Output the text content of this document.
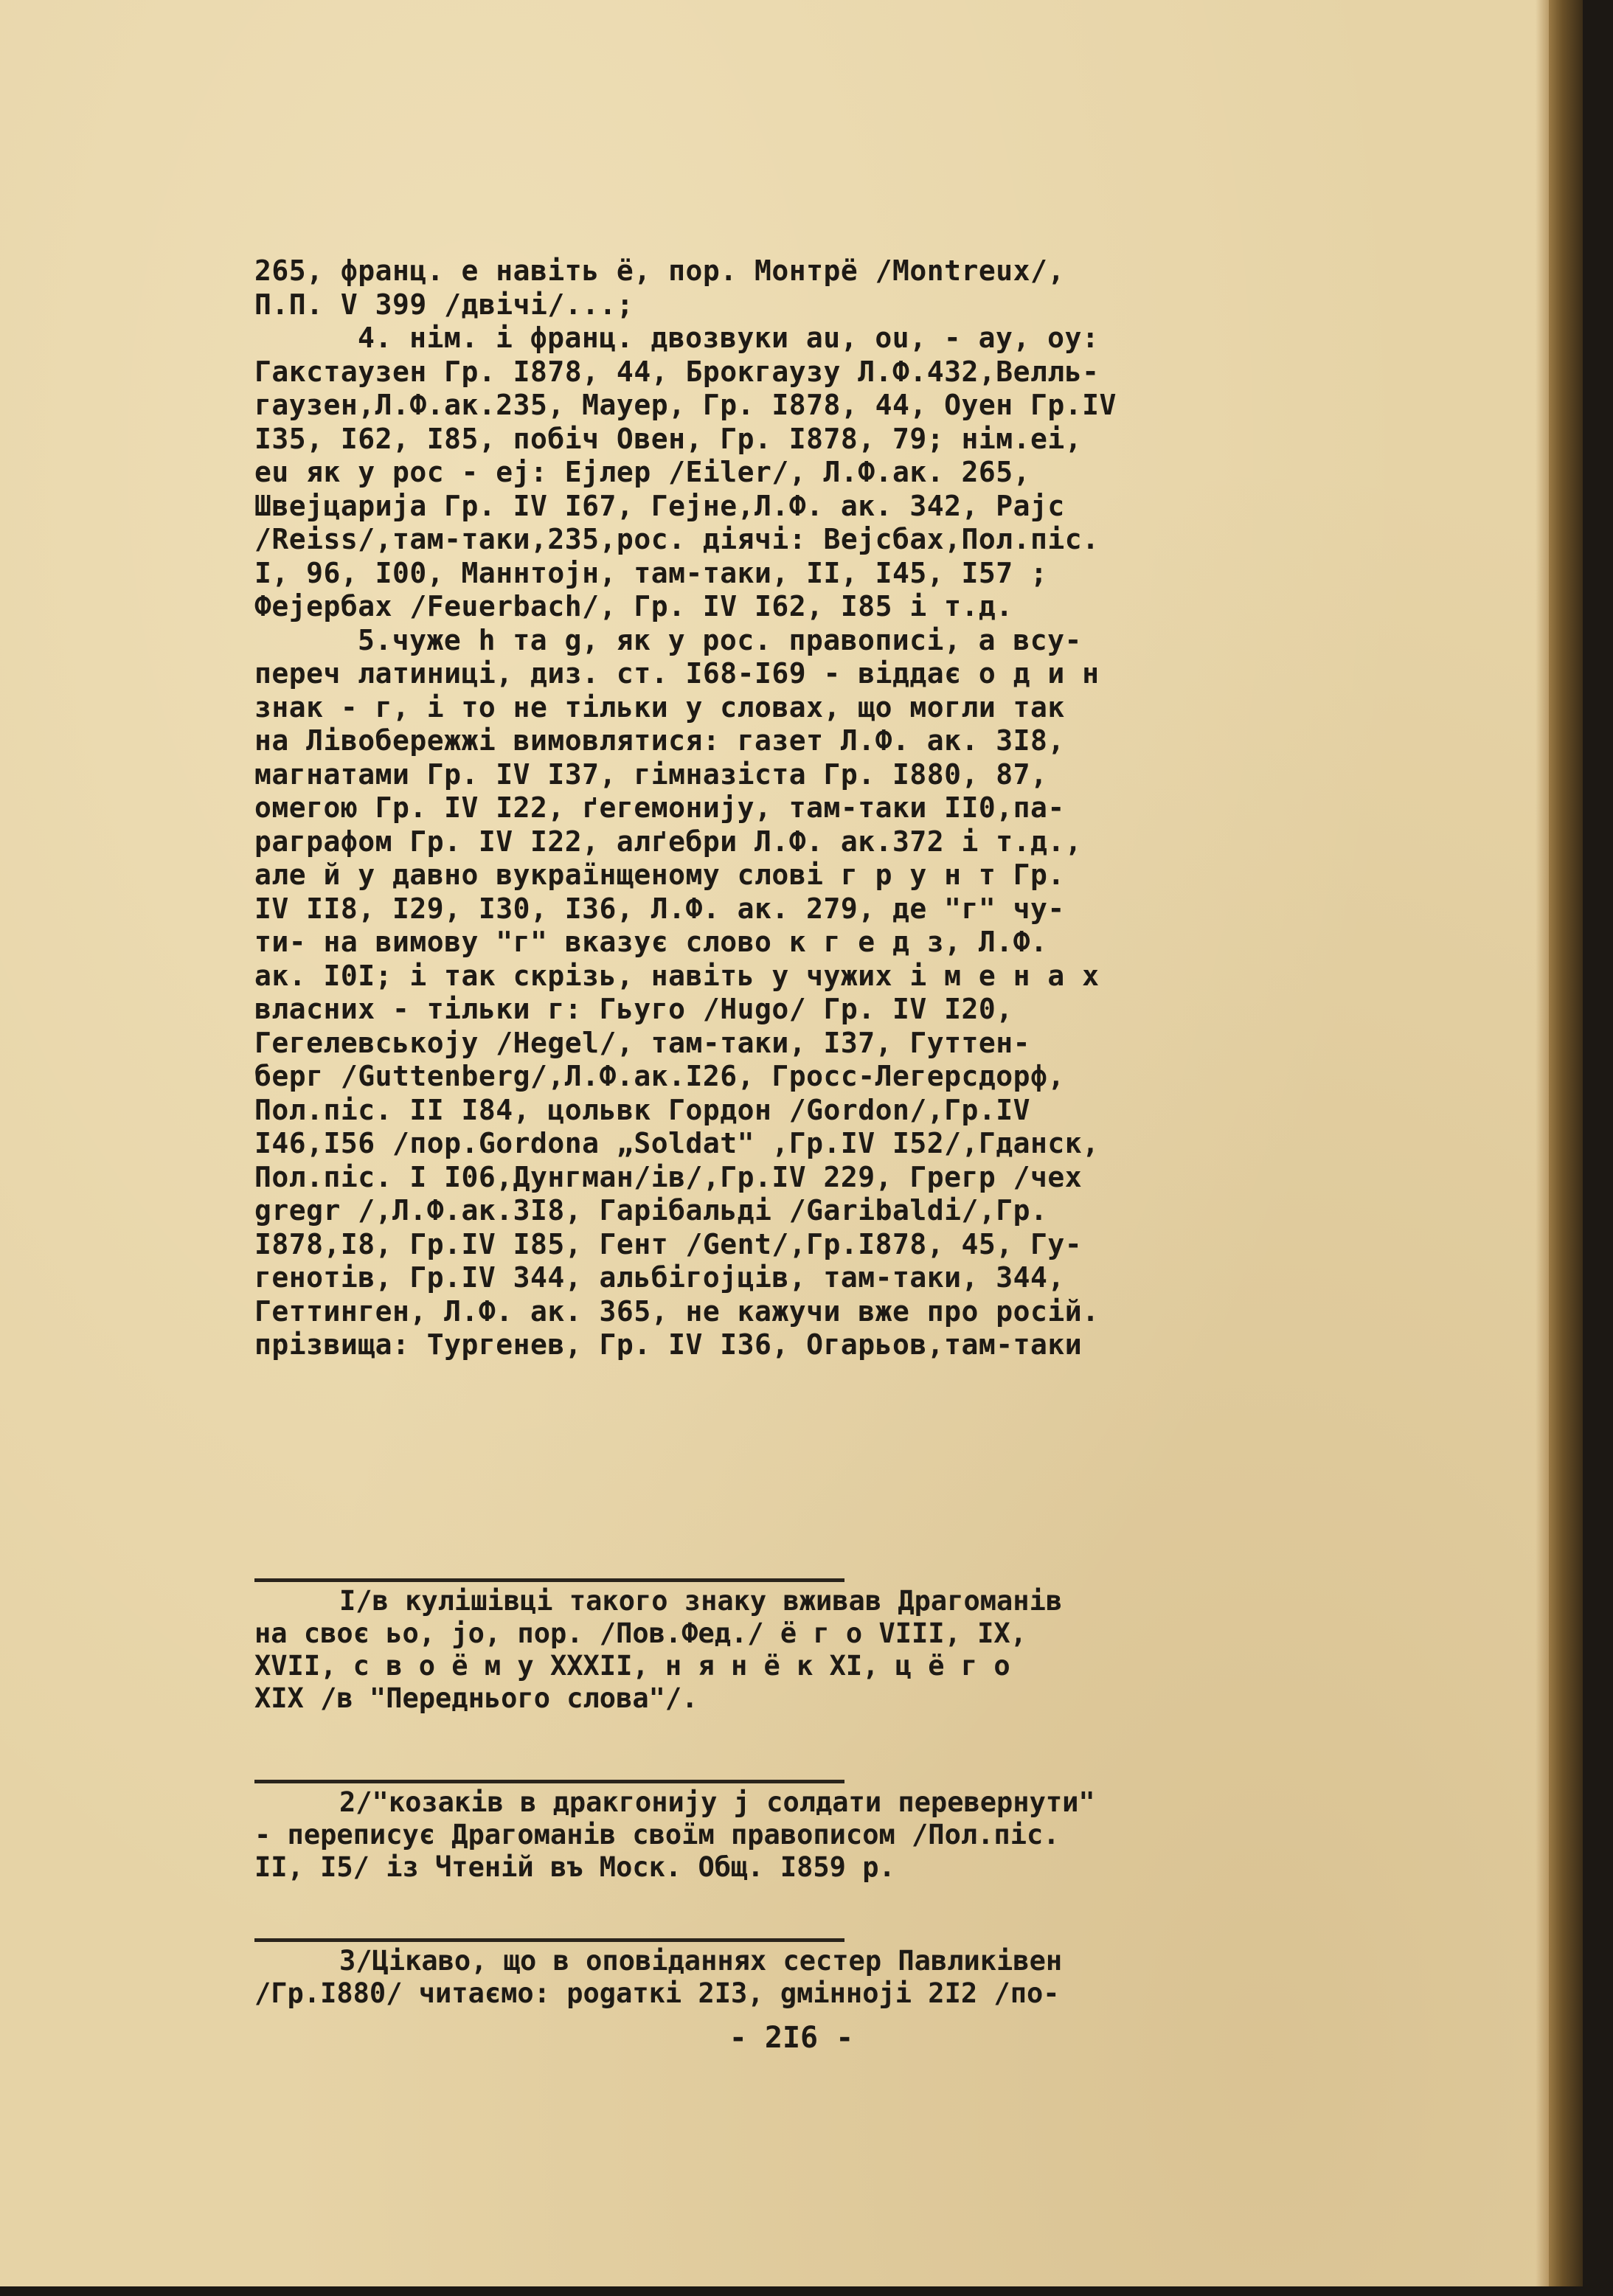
265, франц. е навіть ё, пор. Монтрё /Montreux/,
П.П. V 399 /двічі/...;
4. нім. і франц. двозвуки au, ou, - ay, oy:
Гакстаузен Гр. І878, 44, Брокгаузу Л.Ф.432,Велль-
гаузен,Л.Ф.ак.235, Мауер, Гр. І878, 44, Оуен Гр.IV
І35, І62, І85, побіч Овен, Гр. І878, 79; нім.ei,
eu як у рос - ej: Ejлер /Eiler/, Л.Ф.ак. 265,
Швејцарија Гр. IV І67, Гејне,Л.Ф. ак. 342, Pajc
/Reiss/,там-таки,235,рос. діячі: Bejсбах,Пол.піс.
І, 96, І00, Маннтојн, там-таки, ІІ, І45, І57 ;
Фејербах /Feuerbach/, Гр. IV І62, І85 і т.д.
5.чуже h та g, як у рос. правописі, а всу-
переч латиниці, диз. ст. І68-І69 - віддає о д и н
знак - г, і то не тільки у словах, що могли так
на Лівобережжі вимовлятися: газет Л.Ф. ак. 3І8,
магнатами Гр. IV І37, гімназіста Гр. І880, 87,
омегою Гр. IV І22, ґегемонију, там-таки ІІ0,па-
раграфом Гр. IV І22, алґебри Л.Ф. ак.372 і т.д.,
але й у давно вукраїнщеному слові г р у н т Гр.
IV ІІ8, І29, І30, І36, Л.Ф. ак. 279, де "г" чу-
ти- на вимову "г" вказує слово к г е д з, Л.Ф.
ак. І0І; і так скрізь, навіть у чужих і м е н а х
власних - тільки г: Гьуго /Hugo/ Гр. IV І20,
Гегелевськоју /Hegel/, там-таки, І37, Гуттен-
берг /Guttenberg/,Л.Ф.ак.І26, Гросс-Легерсдорф,
Пол.піс. ІІ І84, цольвк Гордон /Gordon/,Гр.IV
І46,І56 /пор.Gordona „Soldat" ,Гр.IV І52/,Гданск,
Пол.піс. І І06,Дунгман/ів/,Гр.IV 229, Грегр /чех
gregr /,Л.Ф.ак.3І8, Гарібальді /Garibaldi/,Гр.
І878,І8, Гр.IV І85, Гент /Gent/,Гр.І878, 45, Гу-
генотів, Гр.IV 344, альбігојців, там-таки, 344,
Геттинген, Л.Ф. ак. 365, не кажучи вже про росій.
прізвища: Тургенев, Гр. IV І36, Огарьов,там-таки
І/в кулішівці такого знаку вживав Драгоманів
на своє ьо, јо, пор. /Пов.Фед./ ё г о VIII, IX,
XVII, с в о ё м у XXXII, н я н ё к XI, ц ё г о
XIX /в "Переднього слова"/.
2/"козаків в дракгонију ј солдати перевернути"
- переписує Драгоманів своїм правописом /Пол.піс.
ІІ, І5/ із Чтеній въ Моск. Общ. І859 р.
3/Цікаво, що в оповіданнях сестер Павликівен
/Гр.І880/ читаємо: роgаткі 2І3, gмінноjі 2І2 /по-
- 2І6 -
